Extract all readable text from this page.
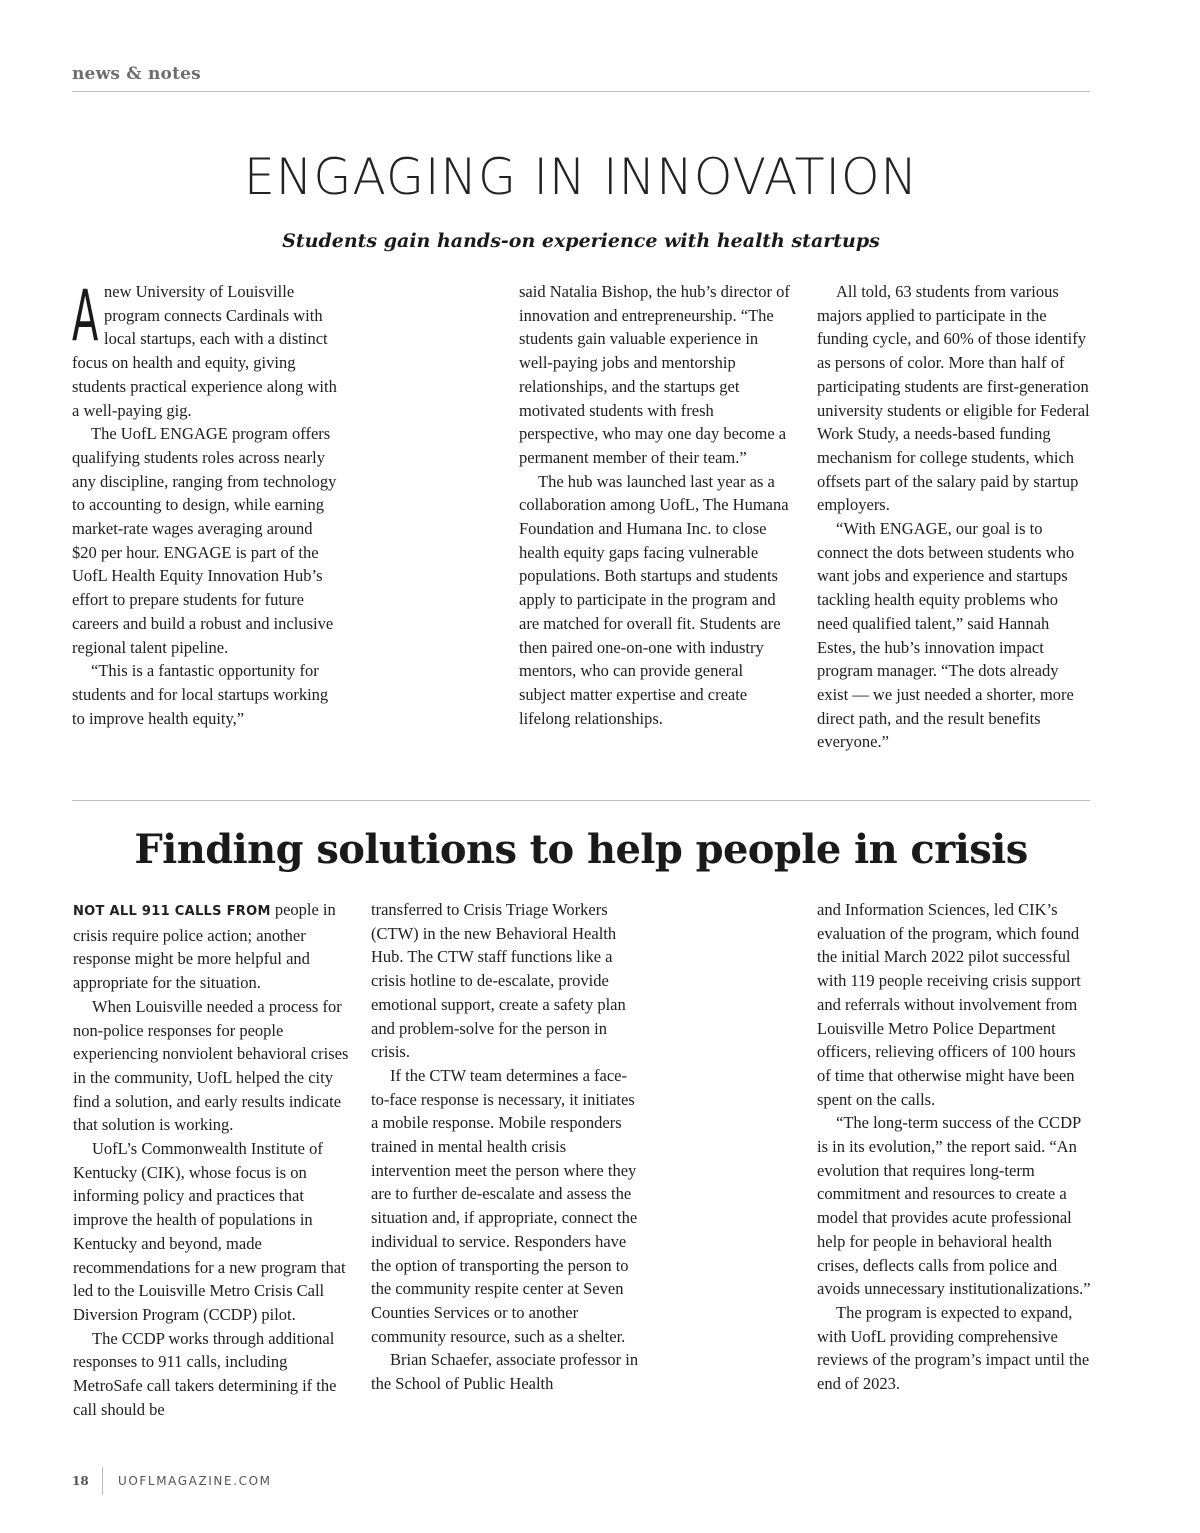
news & notes
ENGAGING IN INNOVATION
Students gain hands-on experience with health startups

Anew University of Louisville program connects Cardinals with local startups, each with a distinct focus on health and equity, giving students practical experience along with a well-paying gig.

The UofL ENGAGE program offers qualifying students roles across nearly any discipline, ranging from technology to accounting to design, while earning market-rate wages averaging around $20 per hour. ENGAGE is part of the UofL Health Equity Innovation Hub’s effort to prepare students for future careers and build a robust and inclusive regional talent pipeline.

“This is a fantastic opportunity for students and for local startups working to improve health equity,”

said Natalia Bishop, the hub’s director of innovation and entrepreneurship. “The students gain valuable experience in well-paying jobs and mentorship relationships, and the startups get motivated students with fresh perspective, who may one day become a permanent member of their team.”

The hub was launched last year as a collaboration among UofL, The Humana Foundation and Humana Inc. to close health equity gaps facing vulnerable populations. Both startups and students apply to participate in the program and are matched for overall fit. Students are then paired one-on-one with industry mentors, who can provide general subject matter expertise and create lifelong relationships.

All told, 63 students from various majors applied to participate in the funding cycle, and 60% of those identify as persons of color. More than half of participating students are first-generation university students or eligible for Federal Work Study, a needs-based funding mechanism for college students, which offsets part of the salary paid by startup employers.

“With ENGAGE, our goal is to connect the dots between students who want jobs and experience and startups tackling health equity problems who need qualified talent,” said Hannah Estes, the hub’s innovation impact program manager. “The dots already exist — we just needed a shorter, more direct path, and the result benefits everyone.”

Finding solutions to help people in crisis

NOT ALL 911 CALLS FROM people in crisis require police action; another response might be more helpful and appropriate for the situation.

When Louisville needed a process for non-police responses for people experiencing nonviolent behavioral crises in the community, UofL helped the city find a solution, and early results indicate that solution is working.

UofL’s Commonwealth Institute of Kentucky (CIK), whose focus is on informing policy and practices that improve the health of populations in Kentucky and beyond, made recommendations for a new program that led to the Louisville Metro Crisis Call Diversion Program (CCDP) pilot.

The CCDP works through additional responses to 911 calls, including MetroSafe call takers determining if the call should be

transferred to Crisis Triage Workers (CTW) in the new Behavioral Health Hub. The CTW staff functions like a crisis hotline to de-escalate, provide emotional support, create a safety plan and problem-solve for the person in crisis.

If the CTW team determines a face-to-face response is necessary, it initiates a mobile response. Mobile responders trained in mental health crisis intervention meet the person where they are to further de-escalate and assess the situation and, if appropriate, connect the individual to service. Responders have the option of transporting the person to the community respite center at Seven Counties Services or to another community resource, such as a shelter.

Brian Schaefer, associate professor in the School of Public Health

and Information Sciences, led CIK’s evaluation of the program, which found the initial March 2022 pilot successful with 119 people receiving crisis support and referrals without involvement from Louisville Metro Police Department officers, relieving officers of 100 hours of time that otherwise might have been spent on the calls.

“The long-term success of the CCDP is in its evolution,” the report said. “An evolution that requires long-term commitment and resources to create a model that provides acute professional help for people in behavioral health crises, deflects calls from police and avoids unnecessary institutionalizations.”

The program is expected to expand, with UofL providing comprehensive reviews of the program’s impact until the end of 2023.

18 UOFLMAGAZINE.COM
